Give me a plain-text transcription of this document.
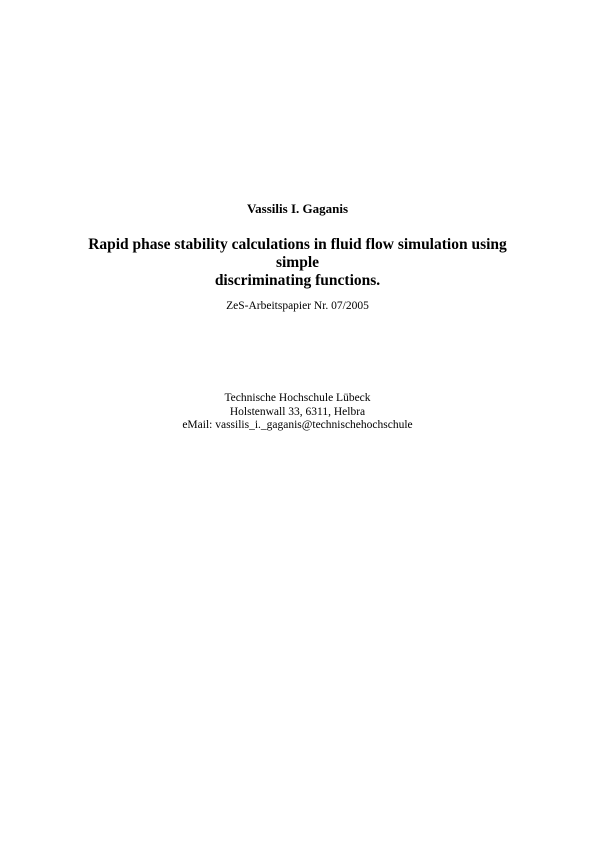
Vassilis I. Gaganis
Rapid phase stability calculations in fluid flow simulation using simple
discriminating functions.
ZeS-Arbeitspapier Nr. 07/2005
Technische Hochschule Lübeck
Holstenwall 33, 6311, Helbra
eMail: vassilis_i._gaganis@technischehochschule
